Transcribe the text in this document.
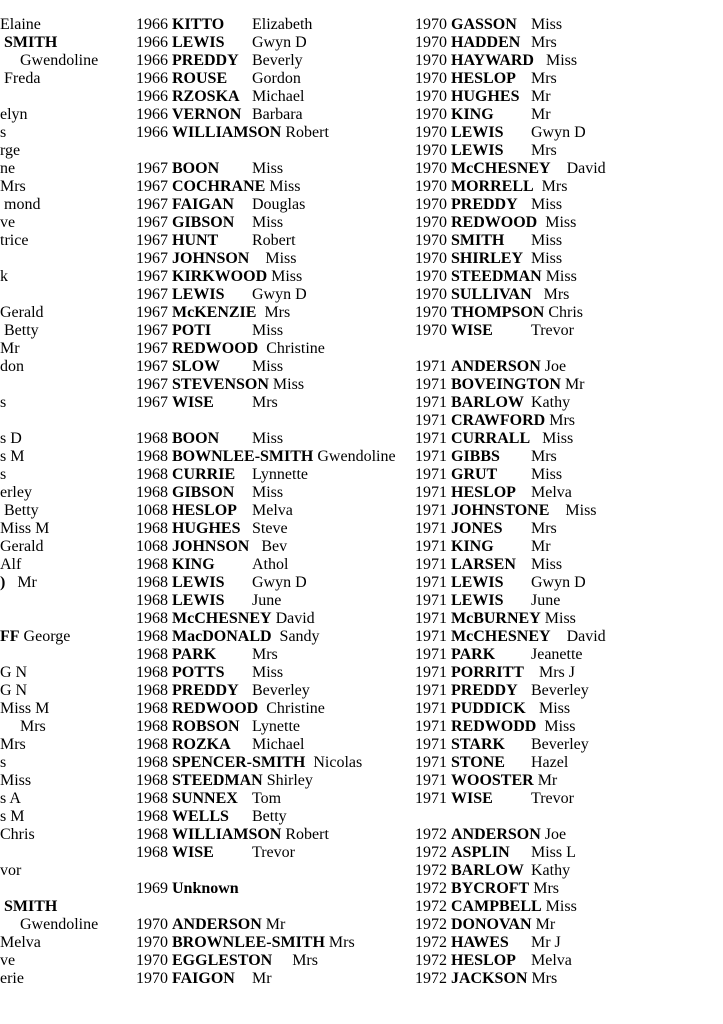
Elaine
SMITH
Gwendoline
Freda
elyn
s
rge
ne
Mrs
mond
ve
trice
k
Gerald
Betty
Mr
don
s
s D
s M
s
erley
Betty
Miss M
Gerald
Alf
)   Mr
FF George
G N
G N
Miss M
Mrs
Mrs
s
Miss
s A
s M
Chris
vor
SMITH
Gwendoline
Melva
ve
erie
1966 KITTO Elizabeth
1966 LEWIS Gwyn D
1966 PREDDY Beverly
1966 ROUSE Gordon
1966 RZOSKA Michael
1966 VERNON Barbara
1966 WILLIAMSON Robert
1967 BOON Miss
1967 COCHRANE Miss
1967 FAIGAN Douglas
1967 GIBSON Miss
1967 HUNT Robert
1967 JOHNSON   Miss
1967 KIRKWOOD Miss
1967 LEWIS Gwyn D
1967 McKENZIE Mrs
1967 POTI	Miss
1967 REDWOOD Christine
1967 SLOW Miss
1967 STEVENSON Miss
1967 WISE Mrs
1968 BOON Miss
1968 BOWNLEE-SMITH Gwendoline
1968 CURRIE Lynnette
1968 GIBSON Miss
1068 HESLOP Melva
1968 HUGHES Steve
1068 JOHNSON  Bev
1968 KING Athol
1968 LEWIS Gwyn D
1968 LEWIS June
1968 McCHESNEY David
1968 MacDONALD Sandy
1968 PARK Mrs
1968 POTTS Miss
1968 PREDDY Beverley
1968 REDWOOD Christine
1968 ROBSON Lynette
1968 ROZKA Michael
1968 SPENCER-SMITH Nicolas
1968 STEEDMAN Shirley
1968 SUNNEX Tom
1968 WELLS Betty
1968 WILLIAMSON Robert
1968 WISE Trevor
1969 Unknown
1970 ANDERSON Mr
1970 BROWNLEE-SMITH Mrs
1970 EGGLESTON    Mrs
1970 FAIGON Mr
1970 GASSON Miss
1970 HADDEN Mrs
1970 HAYWARD  Miss
1970 HESLOP Mrs
1970 HUGHES Mr
1970 KING Mr
1970 LEWIS Gwyn D
1970 LEWIS Mrs
1970 McCHESNEY   David
1970 MORRELL Mrs
1970 PREDDY Miss
1970 REDWOOD Miss
1970 SMITH Miss
1970 SHIRLEY Miss
1970 STEEDMAN Miss
1970 SULLIVAN  Mrs
1970 THOMPSON Chris
1970 WISE Trevor
1971 ANDERSON Joe
1971 BOVEINGTON Mr
1971 BARLOW Kathy
1971 CRAWFORD Mrs
1971 CURRALL  Miss
1971 GIBBS Mrs
1971 GRUT Miss
1971 HESLOP Melva
1971 JOHNSTONE   Miss
1971 JONES Mrs
1971 KING Mr
1971 LARSEN Miss
1971 LEWIS Gwyn D
1971 LEWIS June
1971 McBURNEY Miss
1971 McCHESNEY   David
1971 PARK Jeanette
1971 PORRITT  Mrs J
1971 PREDDY Beverley
1971 PUDDICK  Miss
1971 REDWODD Miss
1971 STARK Beverley
1971 STONE Hazel
1971 WOOSTER Mr
1971 WISE Trevor
1972 ANDERSON Joe
1972 ASPLIN Miss L
1972 BARLOW Kathy
1972 BYCROFT Mrs
1972 CAMPBELL Miss
1972 DONOVAN Mr
1972 HAWES Mr J
1972 HESLOP Melva
1972 JACKSON Mrs
